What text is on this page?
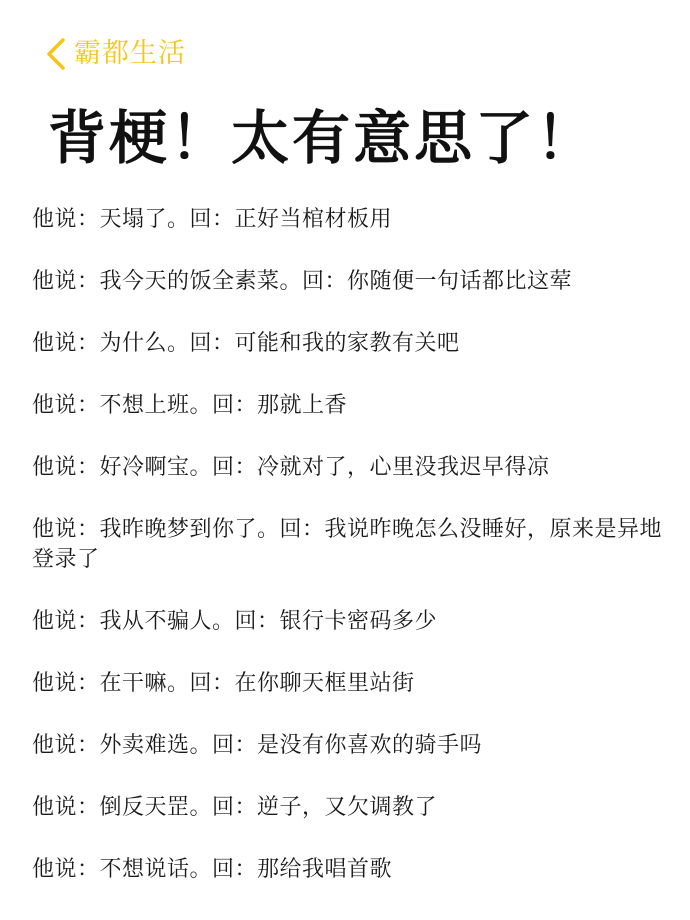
霸都生活
背梗！太有意思了！
他说：天塌了。回：正好当棺材板用
他说：我今天的饭全素菜。回：你随便一句话都比这荤
他说：为什么。回：可能和我的家教有关吧
他说：不想上班。回：那就上香
他说：好冷啊宝。回：冷就对了，心里没我迟早得凉
他说：我昨晚梦到你了。回：我说昨晚怎么没睡好，原来是异地登录了
他说：我从不骗人。回：银行卡密码多少
他说：在干嘛。回：在你聊天框里站街
他说：外卖难选。回：是没有你喜欢的骑手吗
他说：倒反天罡。回：逆子，又欠调教了
他说：不想说话。回：那给我唱首歌
